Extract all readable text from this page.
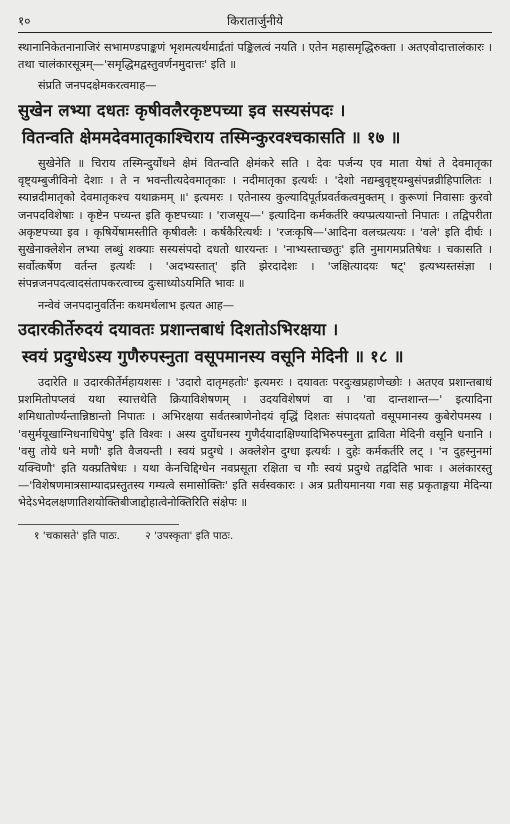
१०	किरातार्जुनीये

स्थानानिकेतनानाजिरं सभामण्डपाङ्कणं भृशमत्यर्थमार्द्रतां पङ्किलत्वं नयति । एतेन महासमृद्धिरुक्ता । अतएवोदात्तालंकारः । तथा चालंकारसूत्रम्—'समृद्धिमद्वस्तुवर्णनमुदात्तः' इति ॥

संप्रति जनपदक्षेमकरत्वमाह—

सुखेन लभ्या दधतः कृषीवलैरकृष्टपच्या इव सस्यसंपदः ।
वितन्वति क्षेममदेवमातृकाश्चिराय तस्मिन्कुरवश्चकासति ॥ १७ ॥

सुखेनेति ॥ चिराय तस्मिन्दुर्योधने क्षेमं वितन्वति क्षेमंकरे सति । देवः पर्जन्य एव माता येषां ते देवमातृका वृष्ट्यम्बुजीविनो देशाः । ते न भवन्तीत्यदेवमातृकाः । नदीमातृका इत्यर्थः । 'देशो नद्यम्बुवृष्ट्यम्बुसंपन्नव्रीहिपालितः । स्यान्नदीमातृको देवमातृकश्च यथाक्रमम् ॥' इत्यमरः । एतेनास्य कुल्यादिपूर्तप्रवर्तकत्वमुक्तम् । कुरूणां निवासाः कुरवो जनपदविशेषाः । कृष्टेन पच्यन्त इति कृष्टपच्याः । 'राजसूय—' इत्यादिना कर्मकर्तरि क्यप्प्रत्ययान्तो निपातः । तद्विपरीता अकृष्टपच्या इव । कृषिर्येषामस्तीति कृषीवलैः । कर्षकैरित्यर्थः । 'रजःकृषि—'आदिना वलच्प्रत्ययः । 'वले' इति दीर्घः । सुखेनाक्लेशेन लभ्या लब्धुं शक्याः सस्यसंपदो दधतो धारयन्तः । 'नाभ्यस्ताच्छतुः' इति नुमागमप्रतिषेधः । चकासति । सर्वोत्कर्षेण वर्तन्त इत्यर्थः । 'अदभ्यस्तात्' इति झेरदादेशः । 'जक्षित्यादयः षट्' इत्यभ्यस्तसंज्ञा । संपन्नजनपदत्वादसंतापकरत्वाच्च दुःसाध्योऽयमिति भावः ॥

नन्वेवं जनपदानुवर्तिनः कथमर्थलाभ इत्यत आह—

उदारकीर्तेरुदयं दयावतः प्रशान्तबाधं दिशतोऽभिरक्षया ।
स्वयं प्रदुग्धेऽस्य गुणैरुपस्नुता वसूपमानस्य वसूनि मेदिनी ॥ १८ ॥

उदारेति ॥ उदारकीर्तेर्महायशसः । 'उदारो दातृमहतोः' इत्यमरः । दयावतः परदुःखप्रहाणेच्छोः । अतएव प्रशान्तबाधं प्रशमितोपप्लवं यथा स्यात्तथेति क्रियाविशेषणम् । उदयविशेषणं वा । 'वा दान्तशान्त—' इत्यादिना शमिधातोर्ण्यन्तान्निष्ठान्तो निपातः । अभिरक्षया सर्वतस्त्राणेनोदयं वृद्धिं दिशतः संपादयतो वसूपमानस्य कुबेरोपमस्य । 'वसुर्मयूखाग्निधनाधिपेषु' इति विश्वः । अस्य दुर्योधनस्य गुणैर्दयादाक्षिण्यादिभिरुपस्नुता द्राविता मेदिनी वसूनि धनानि । 'वसु तोये धने मणौ' इति वैजयन्ती । स्वयं प्रदुग्धे । अक्लेशेन दुग्धा इत्यर्थः । दुहेः कर्मकर्तरि लट् । 'न दुहस्नुनमां यक्चिणौ' इति यक्प्रतिषेधः । यथा केनचिद्दिग्धेन नवप्रसूता रक्षिता च गौः स्वयं प्रदुग्धे तद्वदिति भावः । अलंकारस्तु—'विशेषणमात्रसाम्यादप्रस्तुतस्य गम्यत्वे समासोक्तिः' इति सर्वस्वकारः । अत्र प्रतीयमानया गवा सह प्रकृताङ्गया मेदिन्या भेदेऽभेदलक्षणातिशयोक्तिबीजाद्दोहात्वेनोक्तिरिति संक्षेपः ॥

१ 'चकासते' इति पाठः. २ 'उपस्कृता' इति पाठः.
